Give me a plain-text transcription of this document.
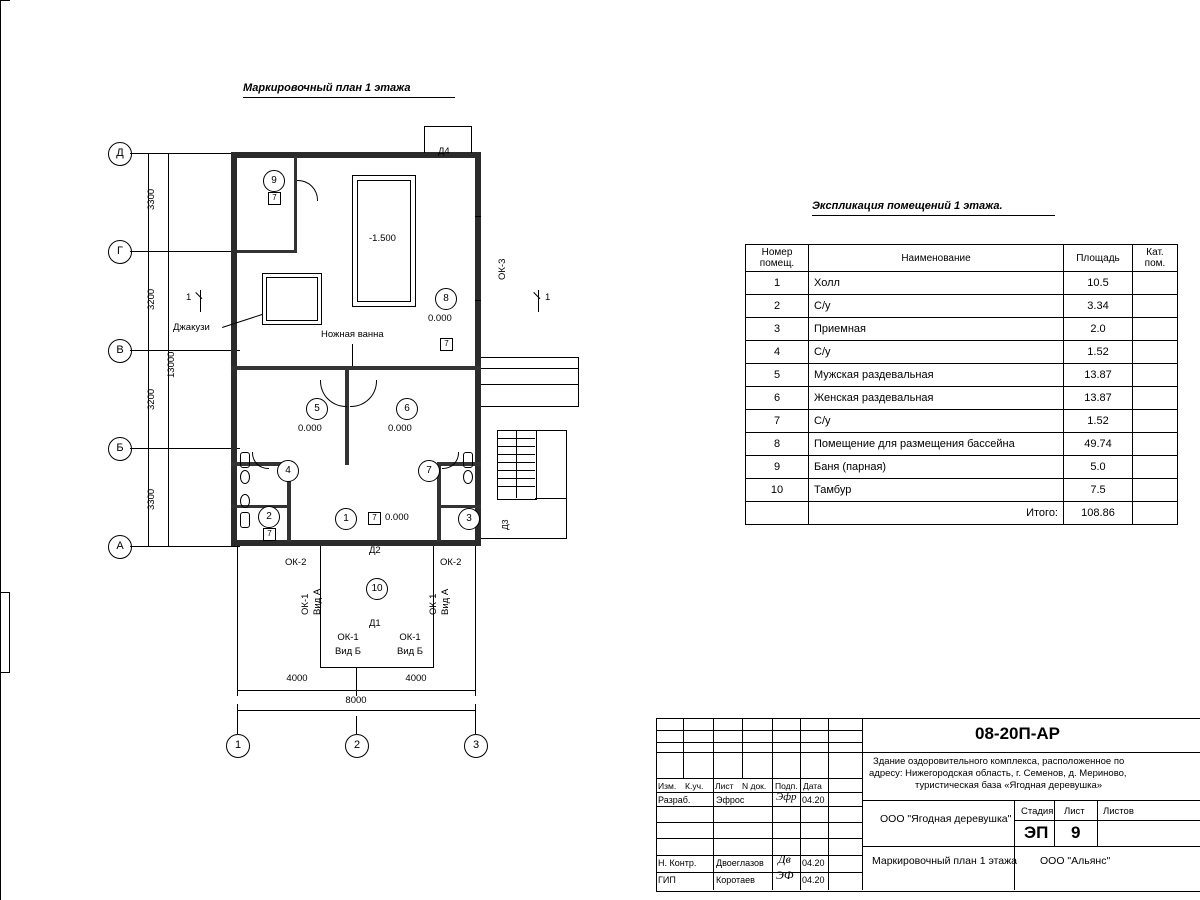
Маркировочный план 1 этажа
Д
Г
В
Б
А
3300
3200
3200
3300
13000
Д4
-1.500
Джакузи
Ножная ванна
ОК-3
Д3
1	1
9
7
8
0.000
7
5
0.000
6
0.000
4	7
2
7
1	7 0.000	3
10
Д1
Д2
ОК-2	ОК-2
ОК-1 Вид А	ОК-1 Вид А
ОК-1
Вид Б
ОК-1
Вид Б
4000	4000
8000
1	2	3
Экспликация помещений 1 этажа.
Номер
помещ.	Наименование	Площадь	Кат.
пом.

1	Холл	10.5	
2	С/у	3.34	
3	Приемная	2.0	
4	С/у	1.52	
5	Мужская раздевальная	13.87	
6	Женская раздевальная	13.87	
7	С/у	1.52	
8	Помещение для размещения бассейна	49.74	
9	Баня (парная)	5.0	
10	Тамбур	7.5	
	Итого:	108.86	
08-20П-АР
Здание оздоровительного комплекса, расположенное по
адресу: Нижегородская область, г. Семенов, д. Мериново,
туристическая база «Ягодная деревушка»
Изм. К.уч. Лист N док. Подп. Дата
Разраб.	Эфрос	Эфр 04.20
Н. Контр. Двоеглазов Дв 04.20
ГИП	Коротаев ЭФ 04.20
ООО "Ягодная деревушка"
Маркировочный план 1 этажа
Стадия Лист Листов
ЭП 9
ООО "Альянс"
